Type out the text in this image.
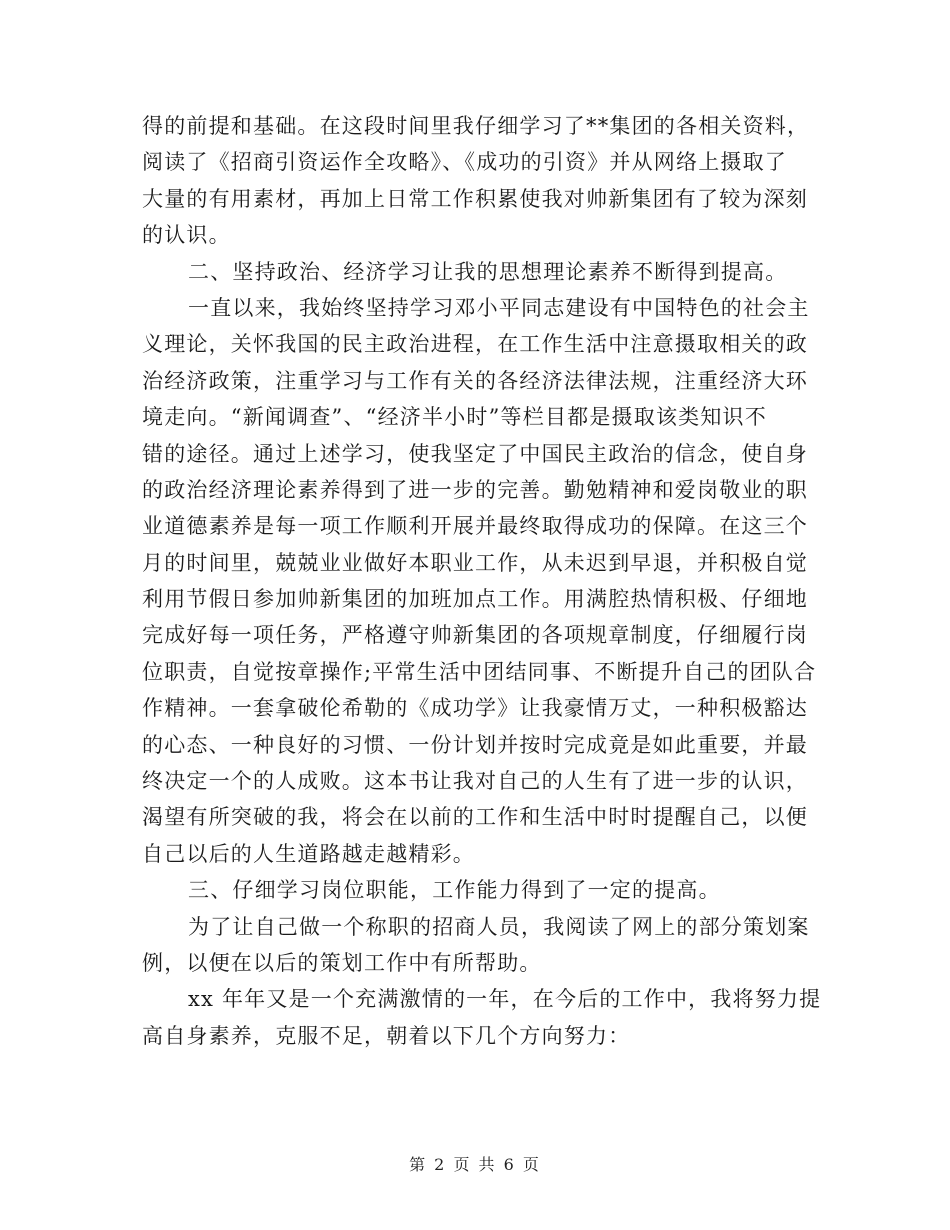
得的前提和基础。在这段时间里我仔细学习了**集团的各相关资料，
阅读了《招商引资运作全攻略》、《成功的引资》并从网络上摄取了
大量的有用素材，再加上日常工作积累使我对帅新集团有了较为深刻
的认识。
二、坚持政治、经济学习让我的思想理论素养不断得到提高。
一直以来，我始终坚持学习邓小平同志建设有中国特色的社会主
义理论，关怀我国的民主政治进程，在工作生活中注意摄取相关的政
治经济政策，注重学习与工作有关的各经济法律法规，注重经济大环
境走向。“新闻调查”、“经济半小时”等栏目都是摄取该类知识不
错的途径。通过上述学习，使我坚定了中国民主政治的信念，使自身
的政治经济理论素养得到了进一步的完善。勤勉精神和爱岗敬业的职
业道德素养是每一项工作顺利开展并最终取得成功的保障。在这三个
月的时间里，兢兢业业做好本职业工作，从未迟到早退，并积极自觉
利用节假日参加帅新集团的加班加点工作。用满腔热情积极、仔细地
完成好每一项任务，严格遵守帅新集团的各项规章制度，仔细履行岗
位职责，自觉按章操作;平常生活中团结同事、不断提升自己的团队合
作精神。一套拿破伦希勒的《成功学》让我豪情万丈，一种积极豁达
的心态、一种良好的习惯、一份计划并按时完成竟是如此重要，并最
终决定一个的人成败。这本书让我对自己的人生有了进一步的认识，
渴望有所突破的我，将会在以前的工作和生活中时时提醒自己，以便
自己以后的人生道路越走越精彩。
三、仔细学习岗位职能，工作能力得到了一定的提高。
为了让自己做一个称职的招商人员，我阅读了网上的部分策划案
例，以便在以后的策划工作中有所帮助。
xx 年年又是一个充满激情的一年，在今后的工作中，我将努力提
高自身素养，克服不足，朝着以下几个方向努力：
第 2 页 共 6 页
